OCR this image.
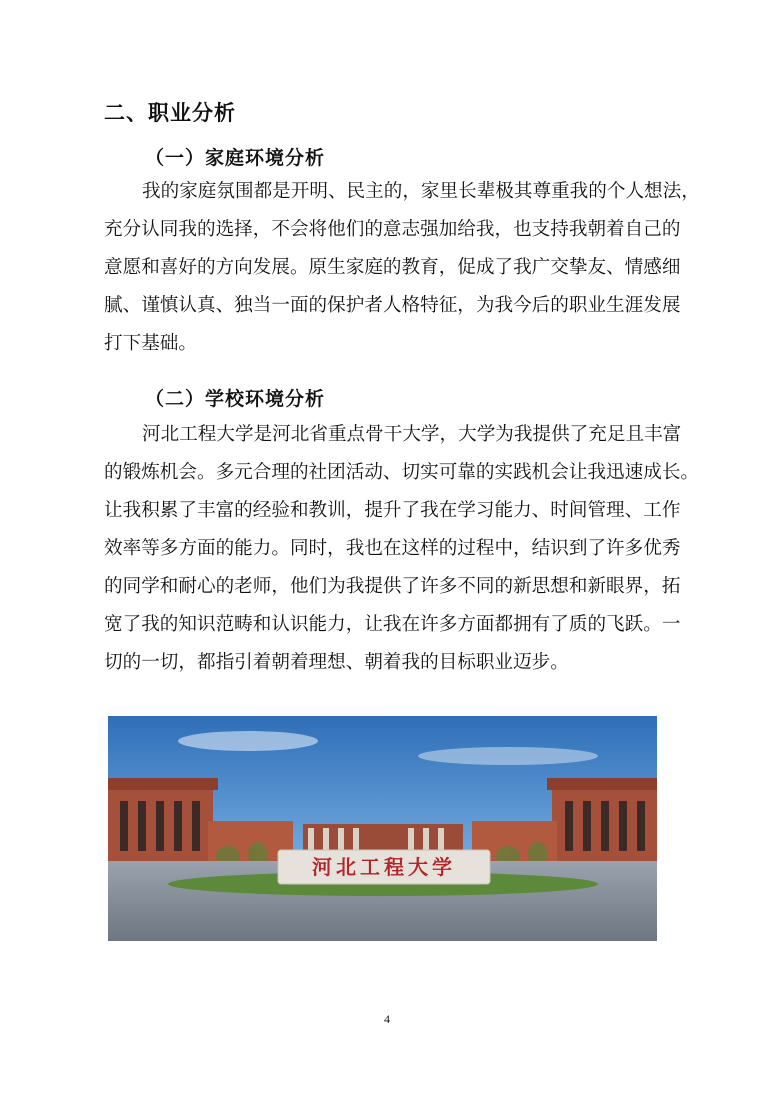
二、职业分析
（一）家庭环境分析
我的家庭氛围都是开明、民主的，家里长辈极其尊重我的个人想法，
充分认同我的选择，不会将他们的意志强加给我，也支持我朝着自己的
意愿和喜好的方向发展。原生家庭的教育，促成了我广交挚友、情感细
腻、谨慎认真、独当一面的保护者人格特征，为我今后的职业生涯发展
打下基础。
（二）学校环境分析
河北工程大学是河北省重点骨干大学，大学为我提供了充足且丰富
的锻炼机会。多元合理的社团活动、切实可靠的实践机会让我迅速成长。
让我积累了丰富的经验和教训，提升了我在学习能力、时间管理、工作
效率等多方面的能力。同时，我也在这样的过程中，结识到了许多优秀
的同学和耐心的老师，他们为我提供了许多不同的新思想和新眼界，拓
宽了我的知识范畴和认识能力，让我在许多方面都拥有了质的飞跃。一
切的一切，都指引着朝着理想、朝着我的目标职业迈步。
河北工程大学
4
